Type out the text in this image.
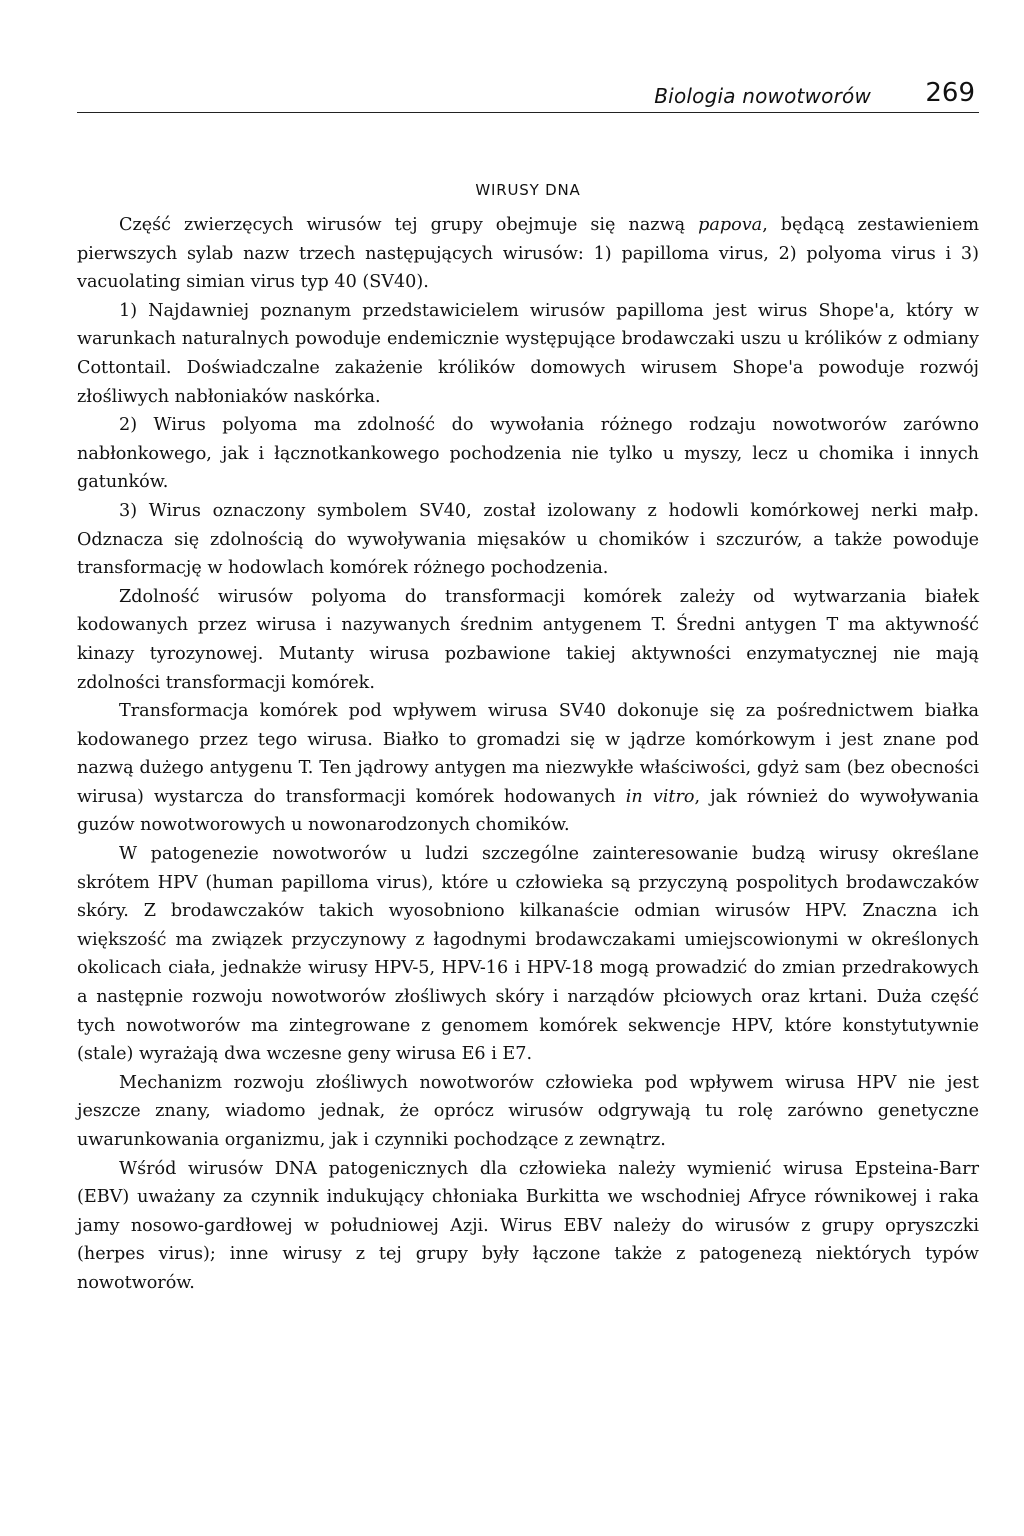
Biologia nowotworów 269
WIRUSY DNA

Część zwierzęcych wirusów tej grupy obejmuje się nazwą papova, będącą zestawieniem pierwszych sylab nazw trzech następujących wirusów: 1) papilloma virus, 2) polyoma virus i 3) vacuolating simian virus typ 40 (SV40).

1) Najdawniej poznanym przedstawicielem wirusów papilloma jest wirus Shope'a, który w warunkach naturalnych powoduje endemicznie występujące brodawczaki uszu u królików z odmiany Cottontail. Doświadczalne zakażenie królików domowych wirusem Shope'a powoduje rozwój złośliwych nabłoniaków naskórka.

2) Wirus polyoma ma zdolność do wywołania różnego rodzaju nowotworów zarówno nabłonkowego, jak i łącznotkankowego pochodzenia nie tylko u myszy, lecz u chomika i innych gatunków.

3) Wirus oznaczony symbolem SV40, został izolowany z hodowli komórkowej nerki małp. Odznacza się zdolnością do wywoływania mięsaków u chomików i szczurów, a także powoduje transformację w hodowlach komórek różnego pochodzenia.

Zdolność wirusów polyoma do transformacji komórek zależy od wytwarzania białek kodowanych przez wirusa i nazywanych średnim antygenem T. Średni antygen T ma aktywność kinazy tyrozynowej. Mutanty wirusa pozbawione takiej aktywności enzymatycznej nie mają zdolności transformacji komórek.

Transformacja komórek pod wpływem wirusa SV40 dokonuje się za pośrednictwem białka kodowanego przez tego wirusa. Białko to gromadzi się w jądrze komórkowym i jest znane pod nazwą dużego antygenu T. Ten jądrowy antygen ma niezwykłe właściwości, gdyż sam (bez obecności wirusa) wystarcza do transformacji komórek hodowanych in vitro, jak również do wywoływania guzów nowotworowych u nowonarodzonych chomików.

W patogenezie nowotworów u ludzi szczególne zainteresowanie budzą wirusy określane skrótem HPV (human papilloma virus), które u człowieka są przyczyną pospolitych brodawczaków skóry. Z brodawczaków takich wyosobniono kilkanaście odmian wirusów HPV. Znaczna ich większość ma związek przyczynowy z łagodnymi brodawczakami umiejscowionymi w określonych okolicach ciała, jednakże wirusy HPV-5, HPV-16 i HPV-18 mogą prowadzić do zmian przedrakowych a następnie rozwoju nowotworów złośliwych skóry i narządów płciowych oraz krtani. Duża część tych nowotworów ma zintegrowane z genomem komórek sekwencje HPV, które konstytutywnie (stale) wyrażają dwa wczesne geny wirusa E6 i E7.

Mechanizm rozwoju złośliwych nowotworów człowieka pod wpływem wirusa HPV nie jest jeszcze znany, wiadomo jednak, że oprócz wirusów odgrywają tu rolę zarówno genetyczne uwarunkowania organizmu, jak i czynniki pochodzące z zewnątrz.

Wśród wirusów DNA patogenicznych dla człowieka należy wymienić wirusa Epsteina-Barr (EBV) uważany za czynnik indukujący chłoniaka Burkitta we wschodniej Afryce równikowej i raka jamy nosowo-gardłowej w południowej Azji. Wirus EBV należy do wirusów z grupy opryszczki (herpes virus); inne wirusy z tej grupy były łączone także z patogenezą niektórych typów nowotworów.
